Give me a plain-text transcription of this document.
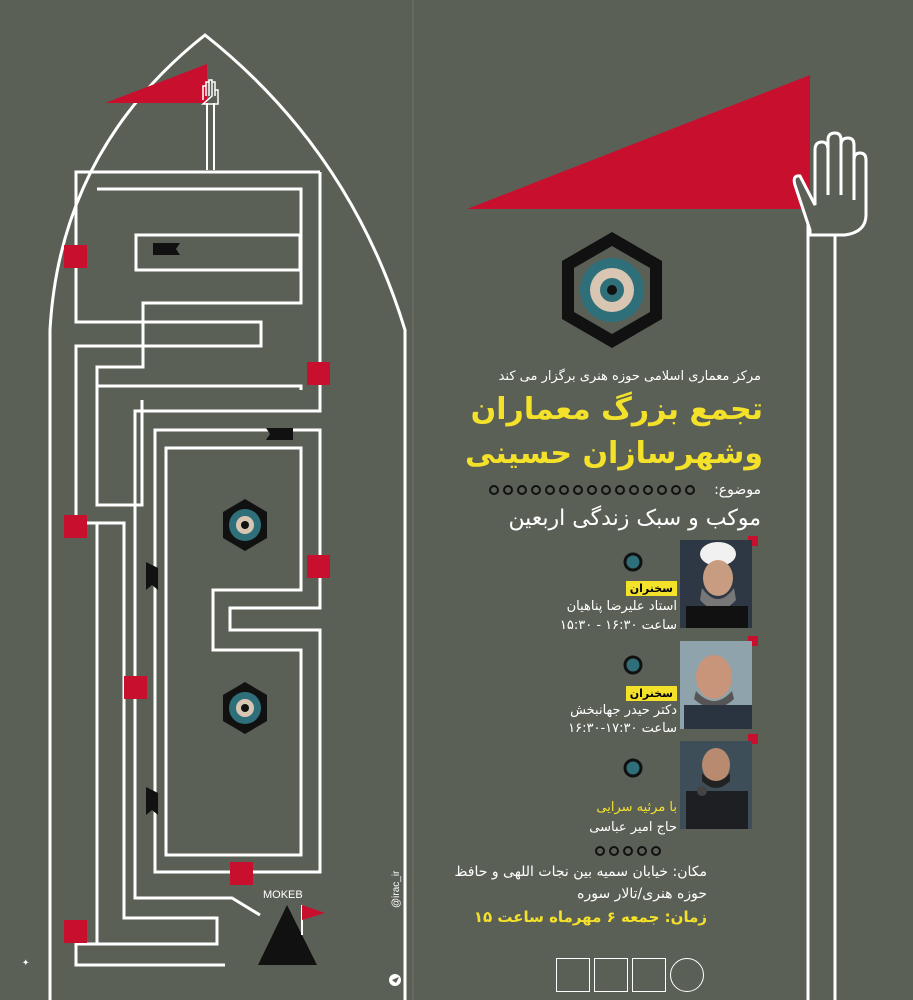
✦
مرکز معماری اسلامی حوزه هنری برگزار می کند
تجمع بزرگ معماران
وشهرسازان حسینی
موضوع:
موکب و سبک زندگی اربعین
سخنران
استاد علیرضا پناهیان
ساعت ۱۶:۳۰ - ۱۵:۳۰
سخنران
دکتر حیدر جهانبخش
ساعت ۱۷:۳۰-۱۶:۳۰
با مرثیه سرایی
حاج امیر عباسی
مکان: خیابان سمیه بین نجات اللهی و حافظ
حوزه هنری/تالار سوره
زمان: جمعه ۶ مهرماه ساعت ۱۵
MOKEB	@irac_ir
